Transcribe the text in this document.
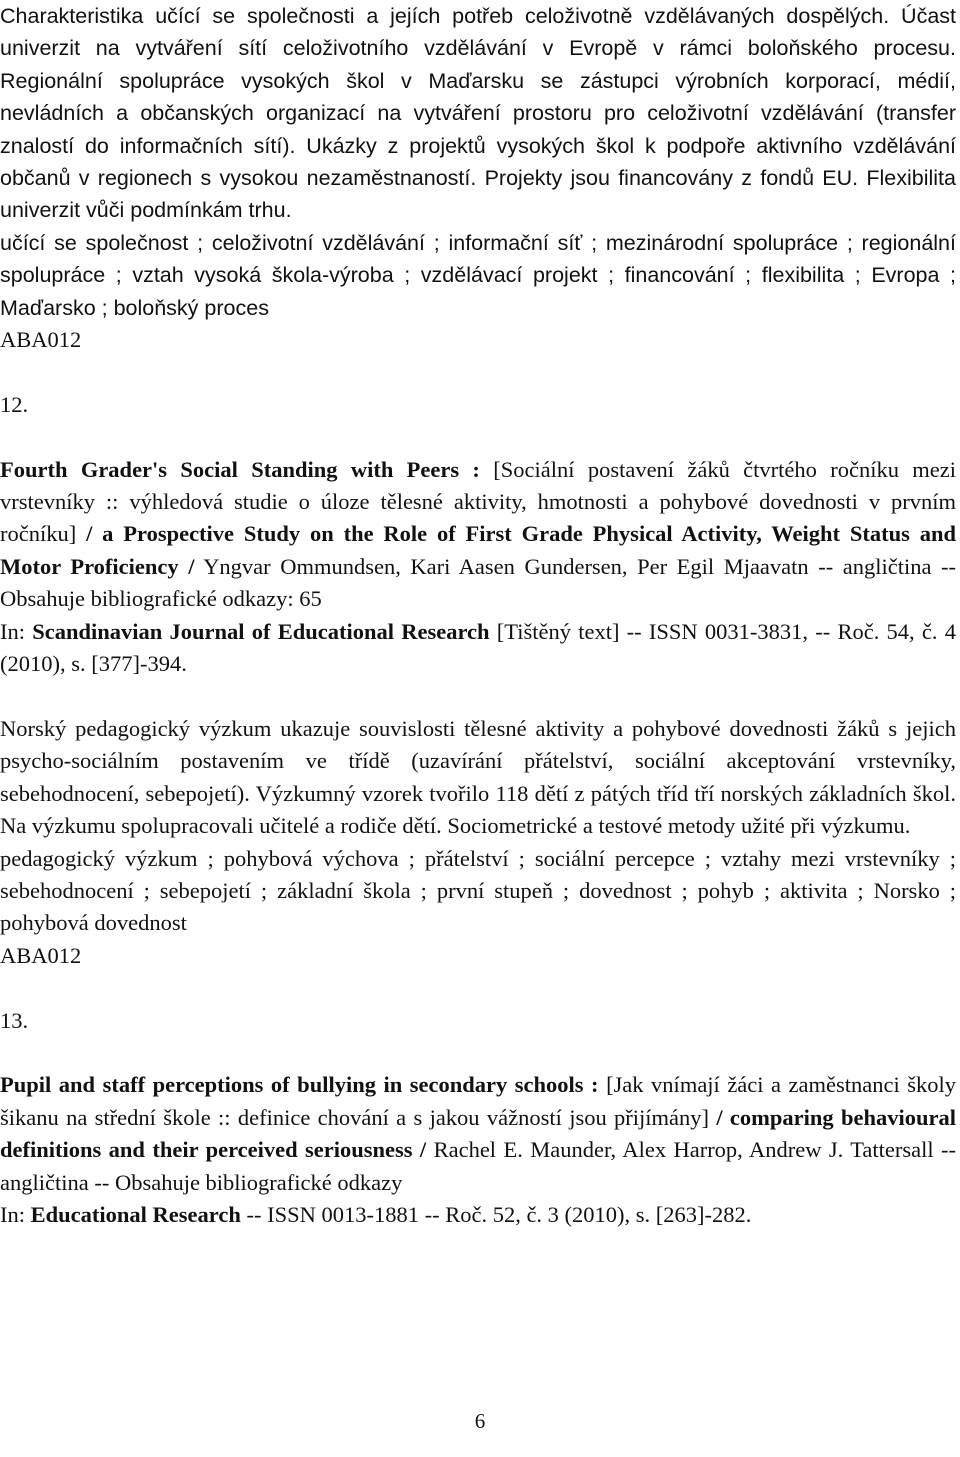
Charakteristika učící se společnosti a jejích potřeb celoživotně vzdělávaných dospělých. Účast univerzit na vytváření sítí celoživotního vzdělávání v Evropě v rámci boloňského procesu. Regionální spolupráce vysokých škol v Maďarsku se zástupci výrobních korporací, médií, nevládních a občanských organizací na vytváření prostoru pro celoživotní vzdělávání (transfer znalostí do informačních sítí). Ukázky z projektů vysokých škol k podpoře aktivního vzdělávání občanů v regionech s vysokou nezaměstnaností. Projekty jsou financovány z fondů EU. Flexibilita univerzit vůči podmínkám trhu.

učící se společnost ; celoživotní vzdělávání ; informační síť ; mezinárodní spolupráce ; regionální spolupráce ; vztah vysoká škola-výroba ; vzdělávací projekt ; financování ; flexibilita ; Evropa ; Maďarsko ; boloňský proces

ABA012

12.

Fourth Grader's Social Standing with Peers : [Sociální postavení žáků čtvrtého ročníku mezi vrstevníky :: výhledová studie o úloze tělesné aktivity, hmotnosti a pohybové dovednosti v prvním ročníku] / a Prospective Study on the Role of First Grade Physical Activity, Weight Status and Motor Proficiency / Yngvar Ommundsen, Kari Aasen Gundersen, Per Egil Mjaavatn -- angličtina -- Obsahuje bibliografické odkazy: 65

In: Scandinavian Journal of Educational Research [Tištěný text] -- ISSN 0031-3831, -- Roč. 54, č. 4 (2010), s. [377]-394.

Norský pedagogický výzkum ukazuje souvislosti tělesné aktivity a pohybové dovednosti žáků s jejich psycho-sociálním postavením ve třídě (uzavírání přátelství, sociální akceptování vrstevníky, sebehodnocení, sebepojetí). Výzkumný vzorek tvořilo 118 dětí z pátých tříd tří norských základních škol. Na výzkumu spolupracovali učitelé a rodiče dětí. Sociometrické a testové metody užité při výzkumu.

pedagogický výzkum ; pohybová výchova ; přátelství ; sociální percepce ; vztahy mezi vrstevníky ; sebehodnocení ; sebepojetí ; základní škola ; první stupeň ; dovednost ; pohyb ; aktivita ; Norsko ; pohybová dovednost

ABA012

13.

Pupil and staff perceptions of bullying in secondary schools : [Jak vnímají žáci a zaměstnanci školy šikanu na střední škole :: definice chování a s jakou vážností jsou přijímány] / comparing behavioural definitions and their perceived seriousness / Rachel E. Maunder, Alex Harrop, Andrew J. Tattersall -- angličtina -- Obsahuje bibliografické odkazy

In: Educational Research -- ISSN 0013-1881 -- Roč. 52, č. 3 (2010), s. [263]-282.

6
